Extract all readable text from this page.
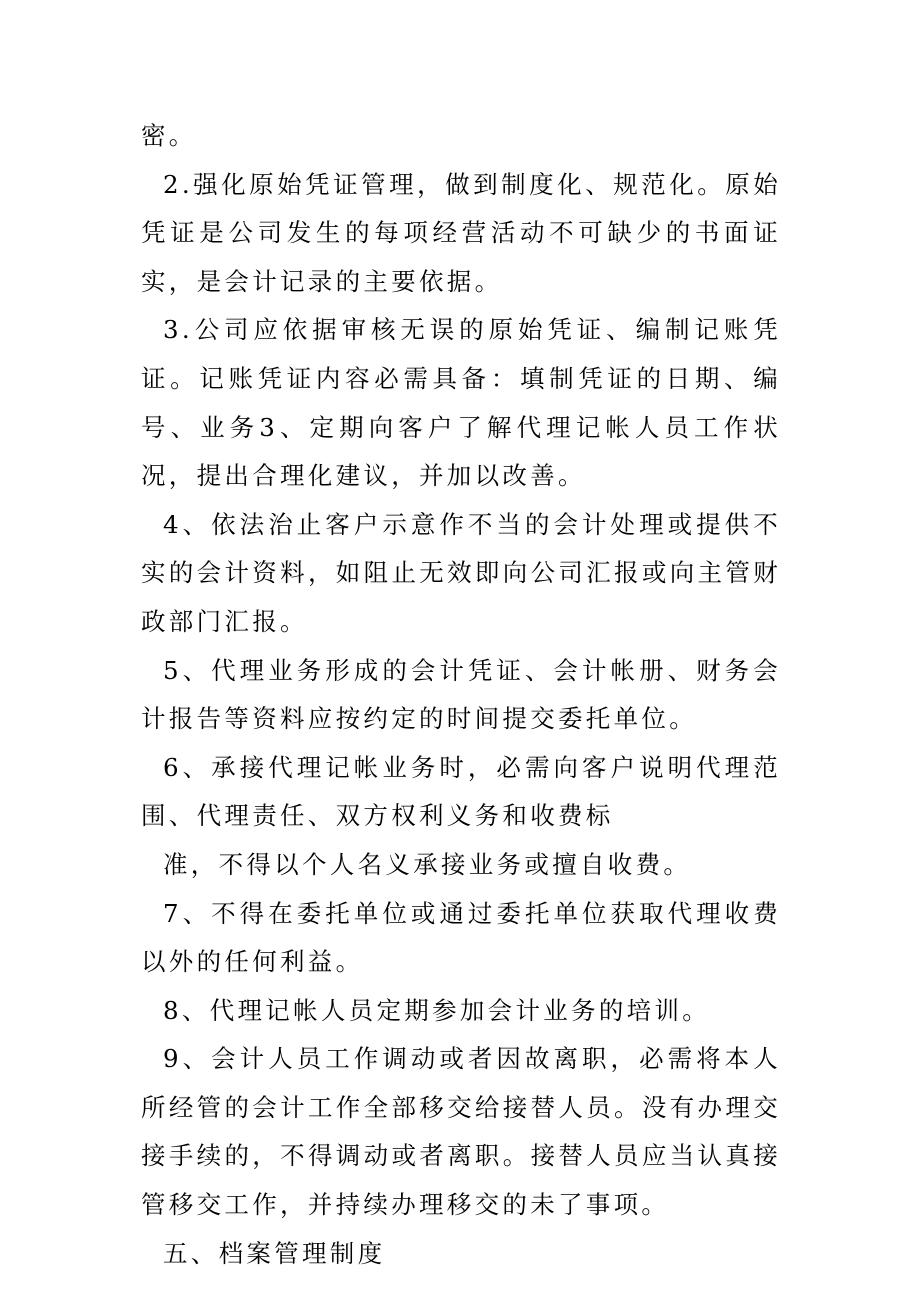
密。

2.强化原始凭证管理，做到制度化、规范化。原始凭证是公司发生的每项经营活动不可缺少的书面证实，是会计记录的主要依据。

3.公司应依据审核无误的原始凭证、编制记账凭证。记账凭证内容必需具备：填制凭证的日期、编号、业务3、定期向客户了解代理记帐人员工作状况，提出合理化建议，并加以改善。

4、依法治止客户示意作不当的会计处理或提供不实的会计资料，如阻止无效即向公司汇报或向主管财政部门汇报。

5、代理业务形成的会计凭证、会计帐册、财务会计报告等资料应按约定的时间提交委托单位。

6、承接代理记帐业务时，必需向客户说明代理范围、代理责任、双方权利义务和收费标

准，不得以个人名义承接业务或擅自收费。

7、不得在委托单位或通过委托单位获取代理收费以外的任何利益。

8、代理记帐人员定期参加会计业务的培训。

9、会计人员工作调动或者因故离职，必需将本人所经管的会计工作全部移交给接替人员。没有办理交接手续的，不得调动或者离职。接替人员应当认真接管移交工作，并持续办理移交的未了事项。

五、档案管理制度
